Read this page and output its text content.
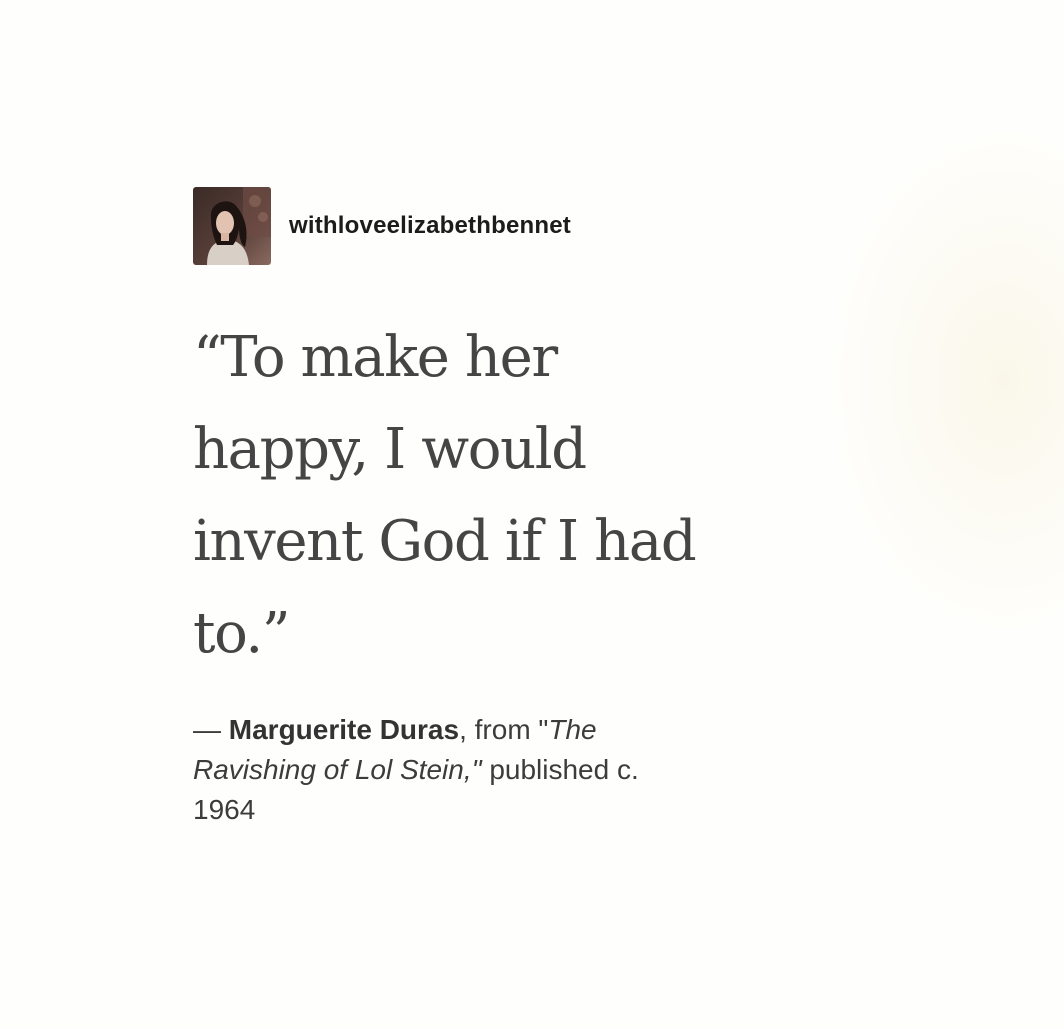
withloveelizabethbennet
“To make her
happy, I would
invent God if I had
to.”
— Marguerite Duras, from "The
Ravishing of Lol Stein," published c.
1964
